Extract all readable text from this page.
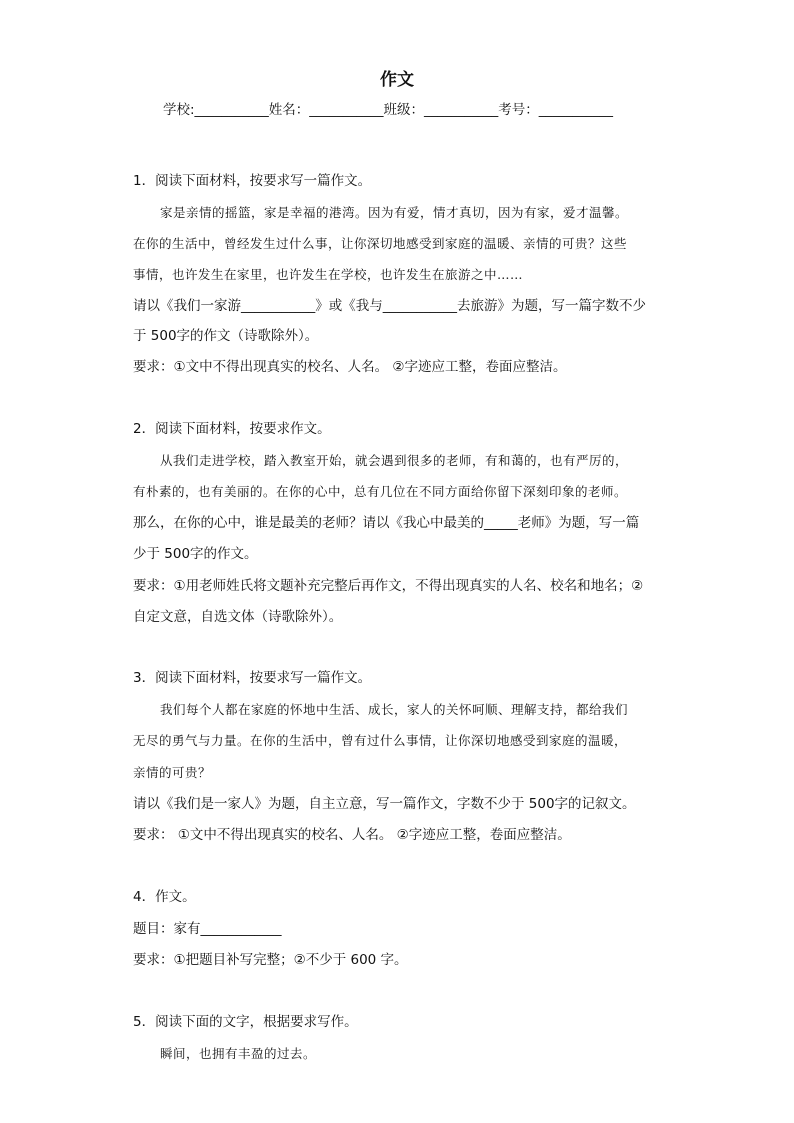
作文
学校:___________姓名：___________班级：___________考号：___________
1．阅读下面材料，按要求写一篇作文。
家是亲情的摇篮，家是幸福的港湾。因为有爱，情才真切，因为有家，爱才温馨。
在你的生活中，曾经发生过什么事，让你深切地感受到家庭的温暖、亲情的可贵？这些
事情，也许发生在家里，也许发生在学校，也许发生在旅游之中……
请以《我们一家游___________》或《我与___________去旅游》为题，写一篇字数不少
于 500字的作文（诗歌除外）。
要求：①文中不得出现真实的校名、人名。 ②字迹应工整，卷面应整洁。
2．阅读下面材料，按要求作文。
从我们走进学校，踏入教室开始，就会遇到很多的老师，有和蔼的，也有严厉的，
有朴素的，也有美丽的。在你的心中，总有几位在不同方面给你留下深刻印象的老师。
那么，在你的心中，谁是最美的老师？请以《我心中最美的_____老师》为题，写一篇
少于 500字的作文。
要求：①用老师姓氏将文题补充完整后再作文，不得出现真实的人名、校名和地名；②
自定文意，自选文体（诗歌除外）。
3．阅读下面材料，按要求写一篇作文。
我们每个人都在家庭的怀地中生活、成长，家人的关怀呵顺、理解支持，都给我们
无尽的勇气与力量。在你的生活中，曾有过什么事情，让你深切地感受到家庭的温暖，
亲情的可贵？
请以《我们是一家人》为题，自主立意，写一篇作文，字数不少于 500字的记叙文。
要求： ①文中不得出现真实的校名、人名。 ②字迹应工整，卷面应整洁。
4．作文。
题目：家有____________
要求：①把题目补写完整；②不少于 600 字。
5．阅读下面的文字，根据要求写作。
瞬间，也拥有丰盈的过去。
